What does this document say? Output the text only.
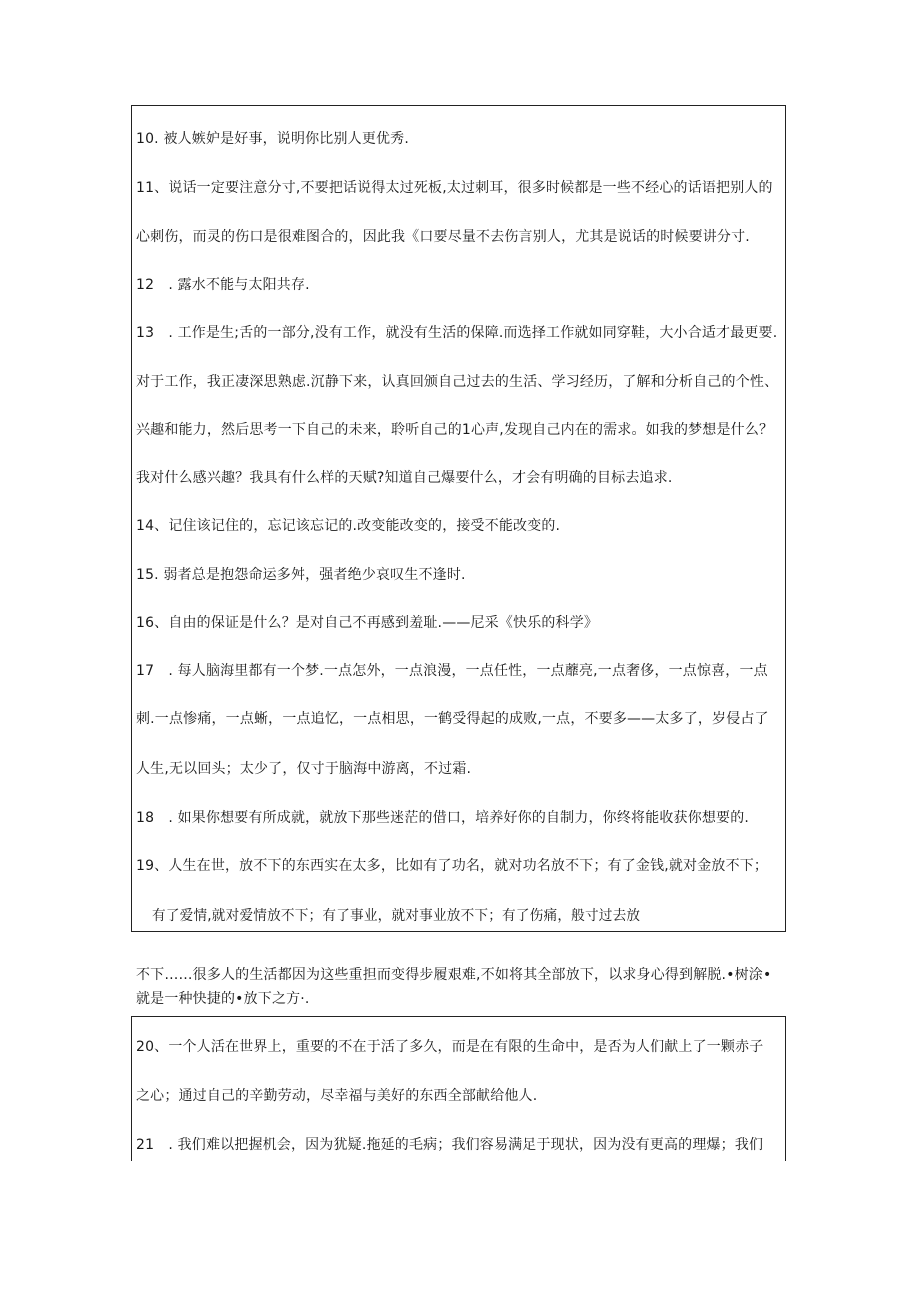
10. 被人嫉妒是好事，说明你比别人更优秀.
11、说话一定要注意分寸,不要把话说得太过死板,太过刺耳，很多时候都是一些不经心的话语把别人的
心刺伤，而灵的伤口是很难图合的，因此我《口要尽量不去伤言别人，尤其是说话的时候要讲分寸.
12　. 露水不能与太阳共存.
13　. 工作是生;舌的一部分,没有工作，就没有生活的保障.而选择工作就如同穿鞋，大小合适才最更要.
对于工作，我正凄深思熟虑.沉静下来，认真回颁自己过去的生活、学习经历，了解和分析自己的个性、
兴趣和能力，然后思考一下自己的未来，聆听自己的1心声,发现自己内在的需求。如我的梦想是什么？
我对什么感兴趣？我具有什么样的天赋?知道自己爆要什么，才会有明确的目标去追求.
14、记住该记住的，忘记该忘记的.改变能改变的，接受不能改变的.
15. 弱者总是抱怨命运多舛，强者绝少哀叹生不逢时.
16、自由的保证是什么？是对自己不再感到羞耻.——尼采《快乐的科学》
17　. 每人脑海里都有一个梦.一点怎外，一点浪漫，一点任性，一点蘼亮,一点奢侈，一点惊喜，一点
刺.一点惨痛，一点蜥，一点追忆，一点相思，一鹤受得起的成败,一点，不要多——太多了，岁侵占了
人生,无以回头；太少了，仅寸于脑海中游离，不过霜.
18　. 如果你想要有所成就，就放下那些迷茫的借口，培养好你的自制力，你终将能收获你想要的.
19、人生在世，放不下的东西实在太多，比如有了功名，就对功名放不下；有了金钱,就对金放不下；
有了爱情,就对爱情放不下；有了事业，就对事业放不下；有了伤痛，般寸过去放
不下……很多人的生活都因为这些重担而变得步履艰难,不如将其全部放下，以求身心得到解脱.•树涂•
就是一种快捷的•放下之方·.
20、一个人活在世界上，重要的不在于活了多久，而是在有限的生命中，是否为人们献上了一颗赤子
之心；通过自己的辛勤劳动，尽幸福与美好的东西全部献给他人.
21　. 我们难以把握机会，因为犹疑.拖延的毛病；我们容易满足于现状，因为没有更高的理爆；我们
